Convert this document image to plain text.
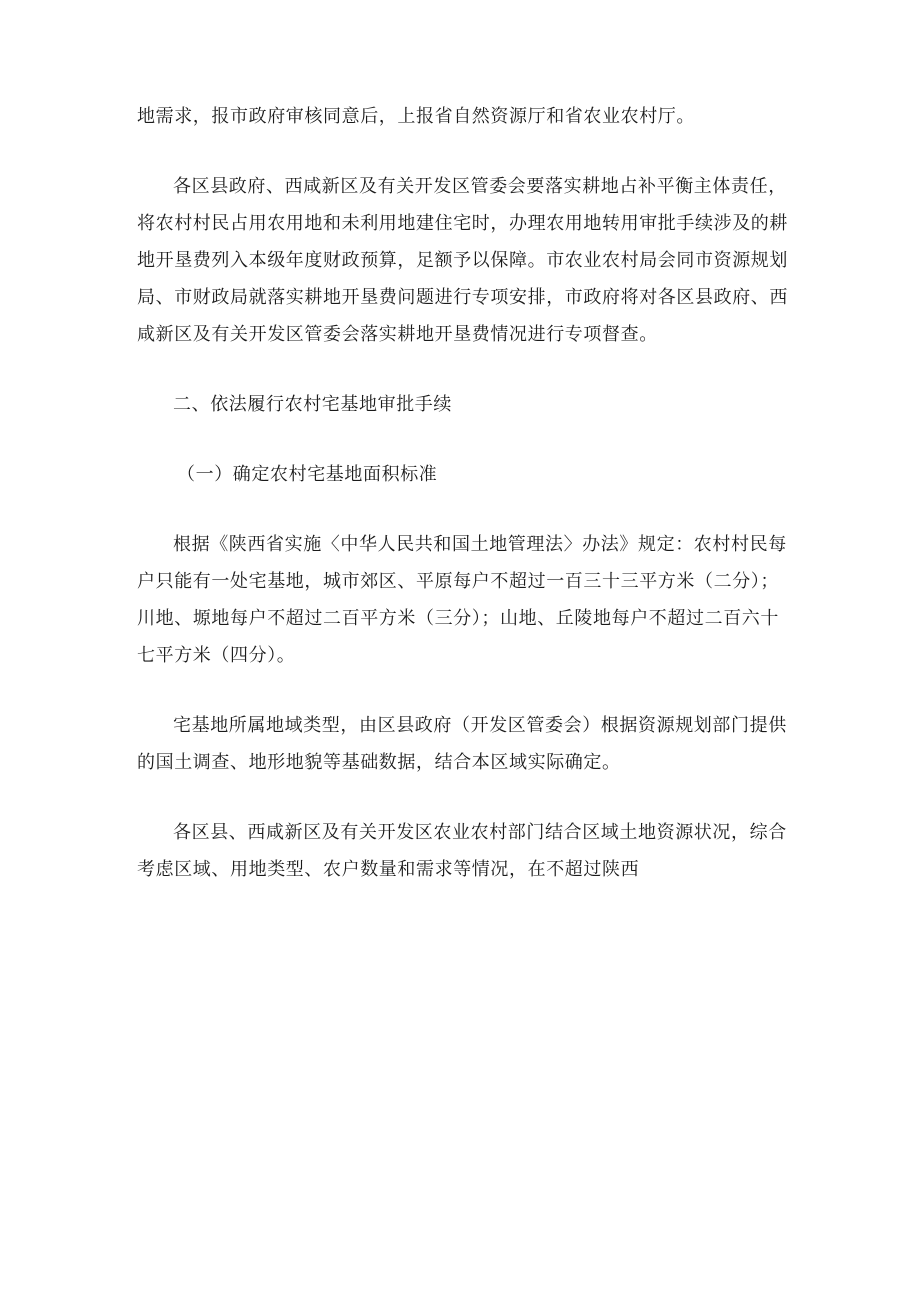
地需求，报市政府审核同意后，上报省自然资源厅和省农业农村厅。
各区县政府、西咸新区及有关开发区管委会要落实耕地占补平衡主体责任，
将农村村民占用农用地和未利用地建住宅时，办理农用地转用审批手续涉及的耕
地开垦费列入本级年度财政预算，足额予以保障。市农业农村局会同市资源规划
局、市财政局就落实耕地开垦费问题进行专项安排，市政府将对各区县政府、西
咸新区及有关开发区管委会落实耕地开垦费情况进行专项督查。
二、依法履行农村宅基地审批手续
（一）确定农村宅基地面积标准
根据《陕西省实施〈中华人民共和国土地管理法〉办法》规定：农村村民每
户只能有一处宅基地，城市郊区、平原每户不超过一百三十三平方米（二分）；
川地、塬地每户不超过二百平方米（三分）；山地、丘陵地每户不超过二百六十
七平方米（四分）。
宅基地所属地域类型，由区县政府（开发区管委会）根据资源规划部门提供
的国土调查、地形地貌等基础数据，结合本区域实际确定。
各区县、西咸新区及有关开发区农业农村部门结合区域土地资源状况，综合
考虑区域、用地类型、农户数量和需求等情况，在不超过陕西
